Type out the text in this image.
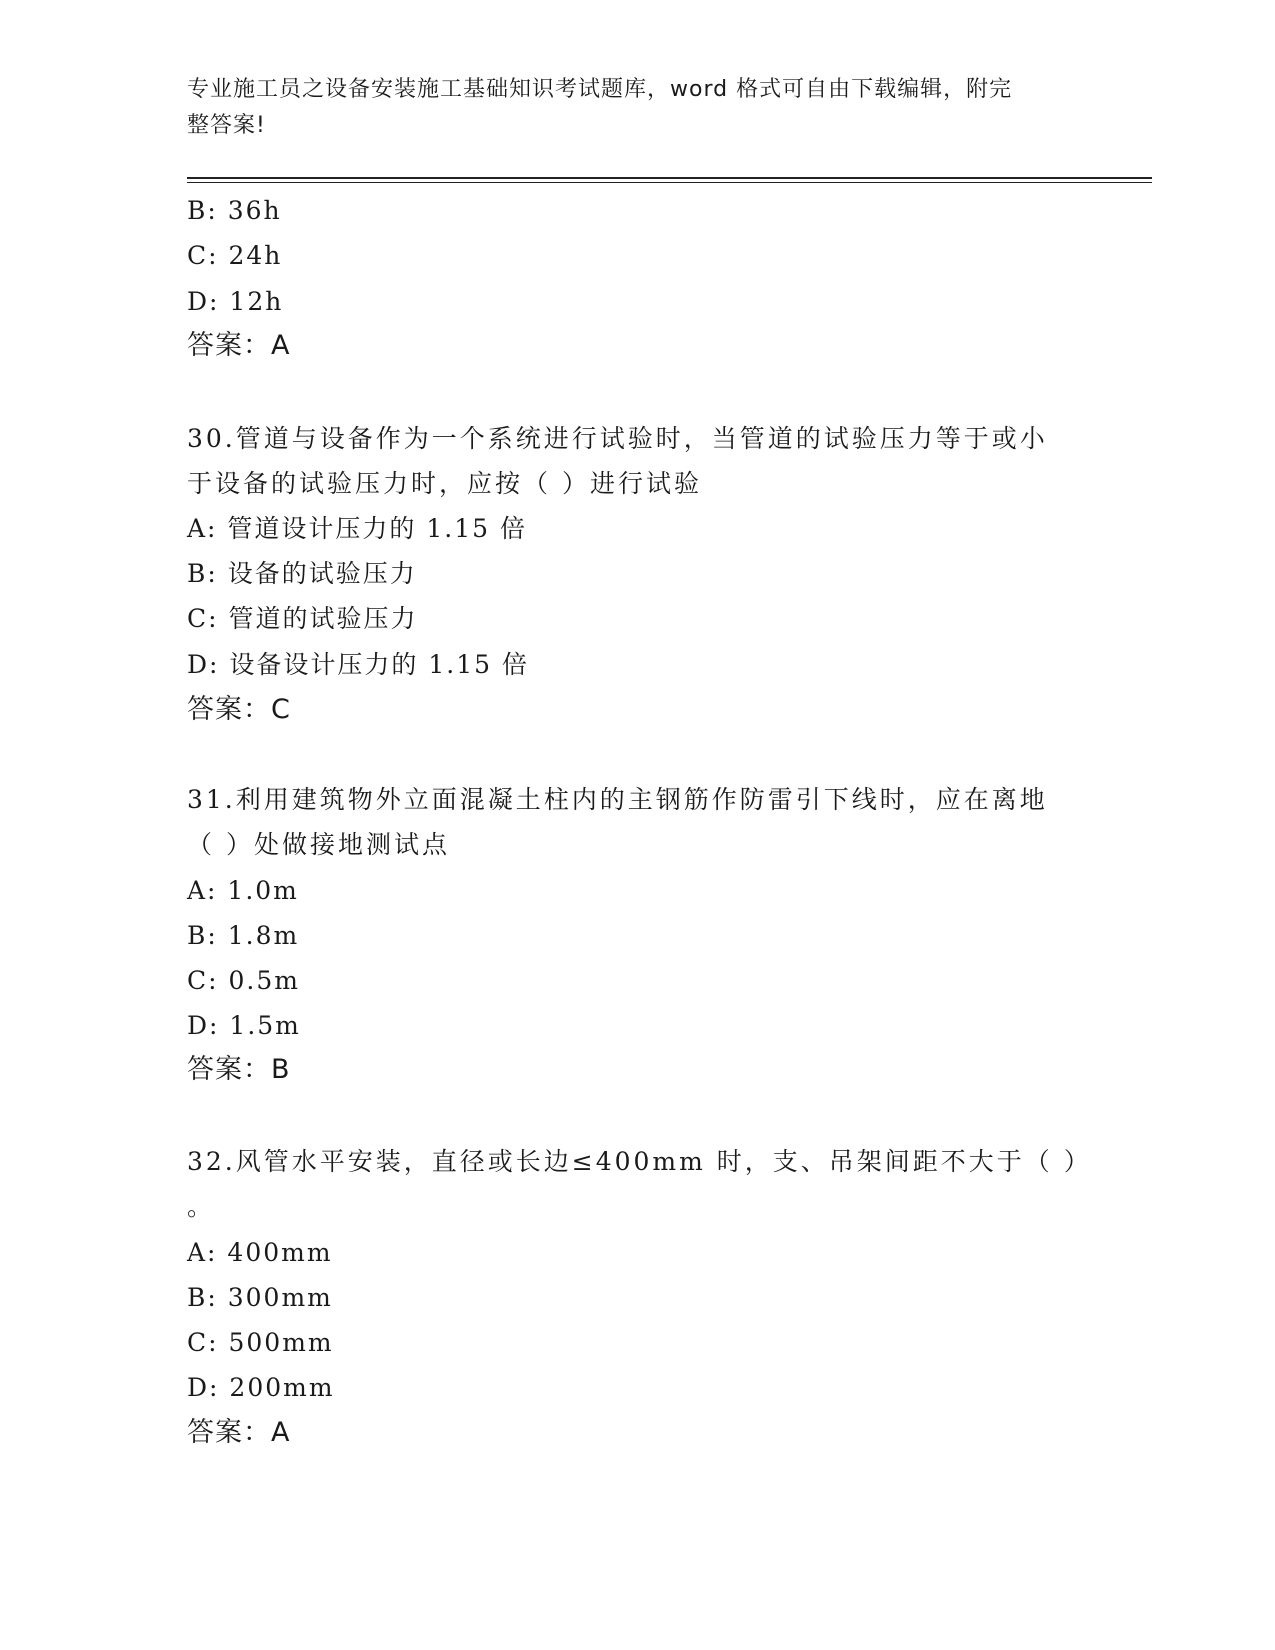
专业施工员之设备安装施工基础知识考试题库，word 格式可自由下载编辑，附完
整答案!
B: 36h
C: 24h
D: 12h
答案：A
30.管道与设备作为一个系统进行试验时，当管道的试验压力等于或小
于设备的试验压力时，应按（ ）进行试验
A: 管道设计压力的 1.15 倍
B: 设备的试验压力
C: 管道的试验压力
D: 设备设计压力的 1.15 倍
答案：C
31.利用建筑物外立面混凝土柱内的主钢筋作防雷引下线时，应在离地
（ ）处做接地测试点
A: 1.0m
B: 1.8m
C: 0.5m
D: 1.5m
答案：B
32.风管水平安装，直径或长边≤400mm 时，支、吊架间距不大于（ ）
。
A: 400mm
B: 300mm
C: 500mm
D: 200mm
答案：A
